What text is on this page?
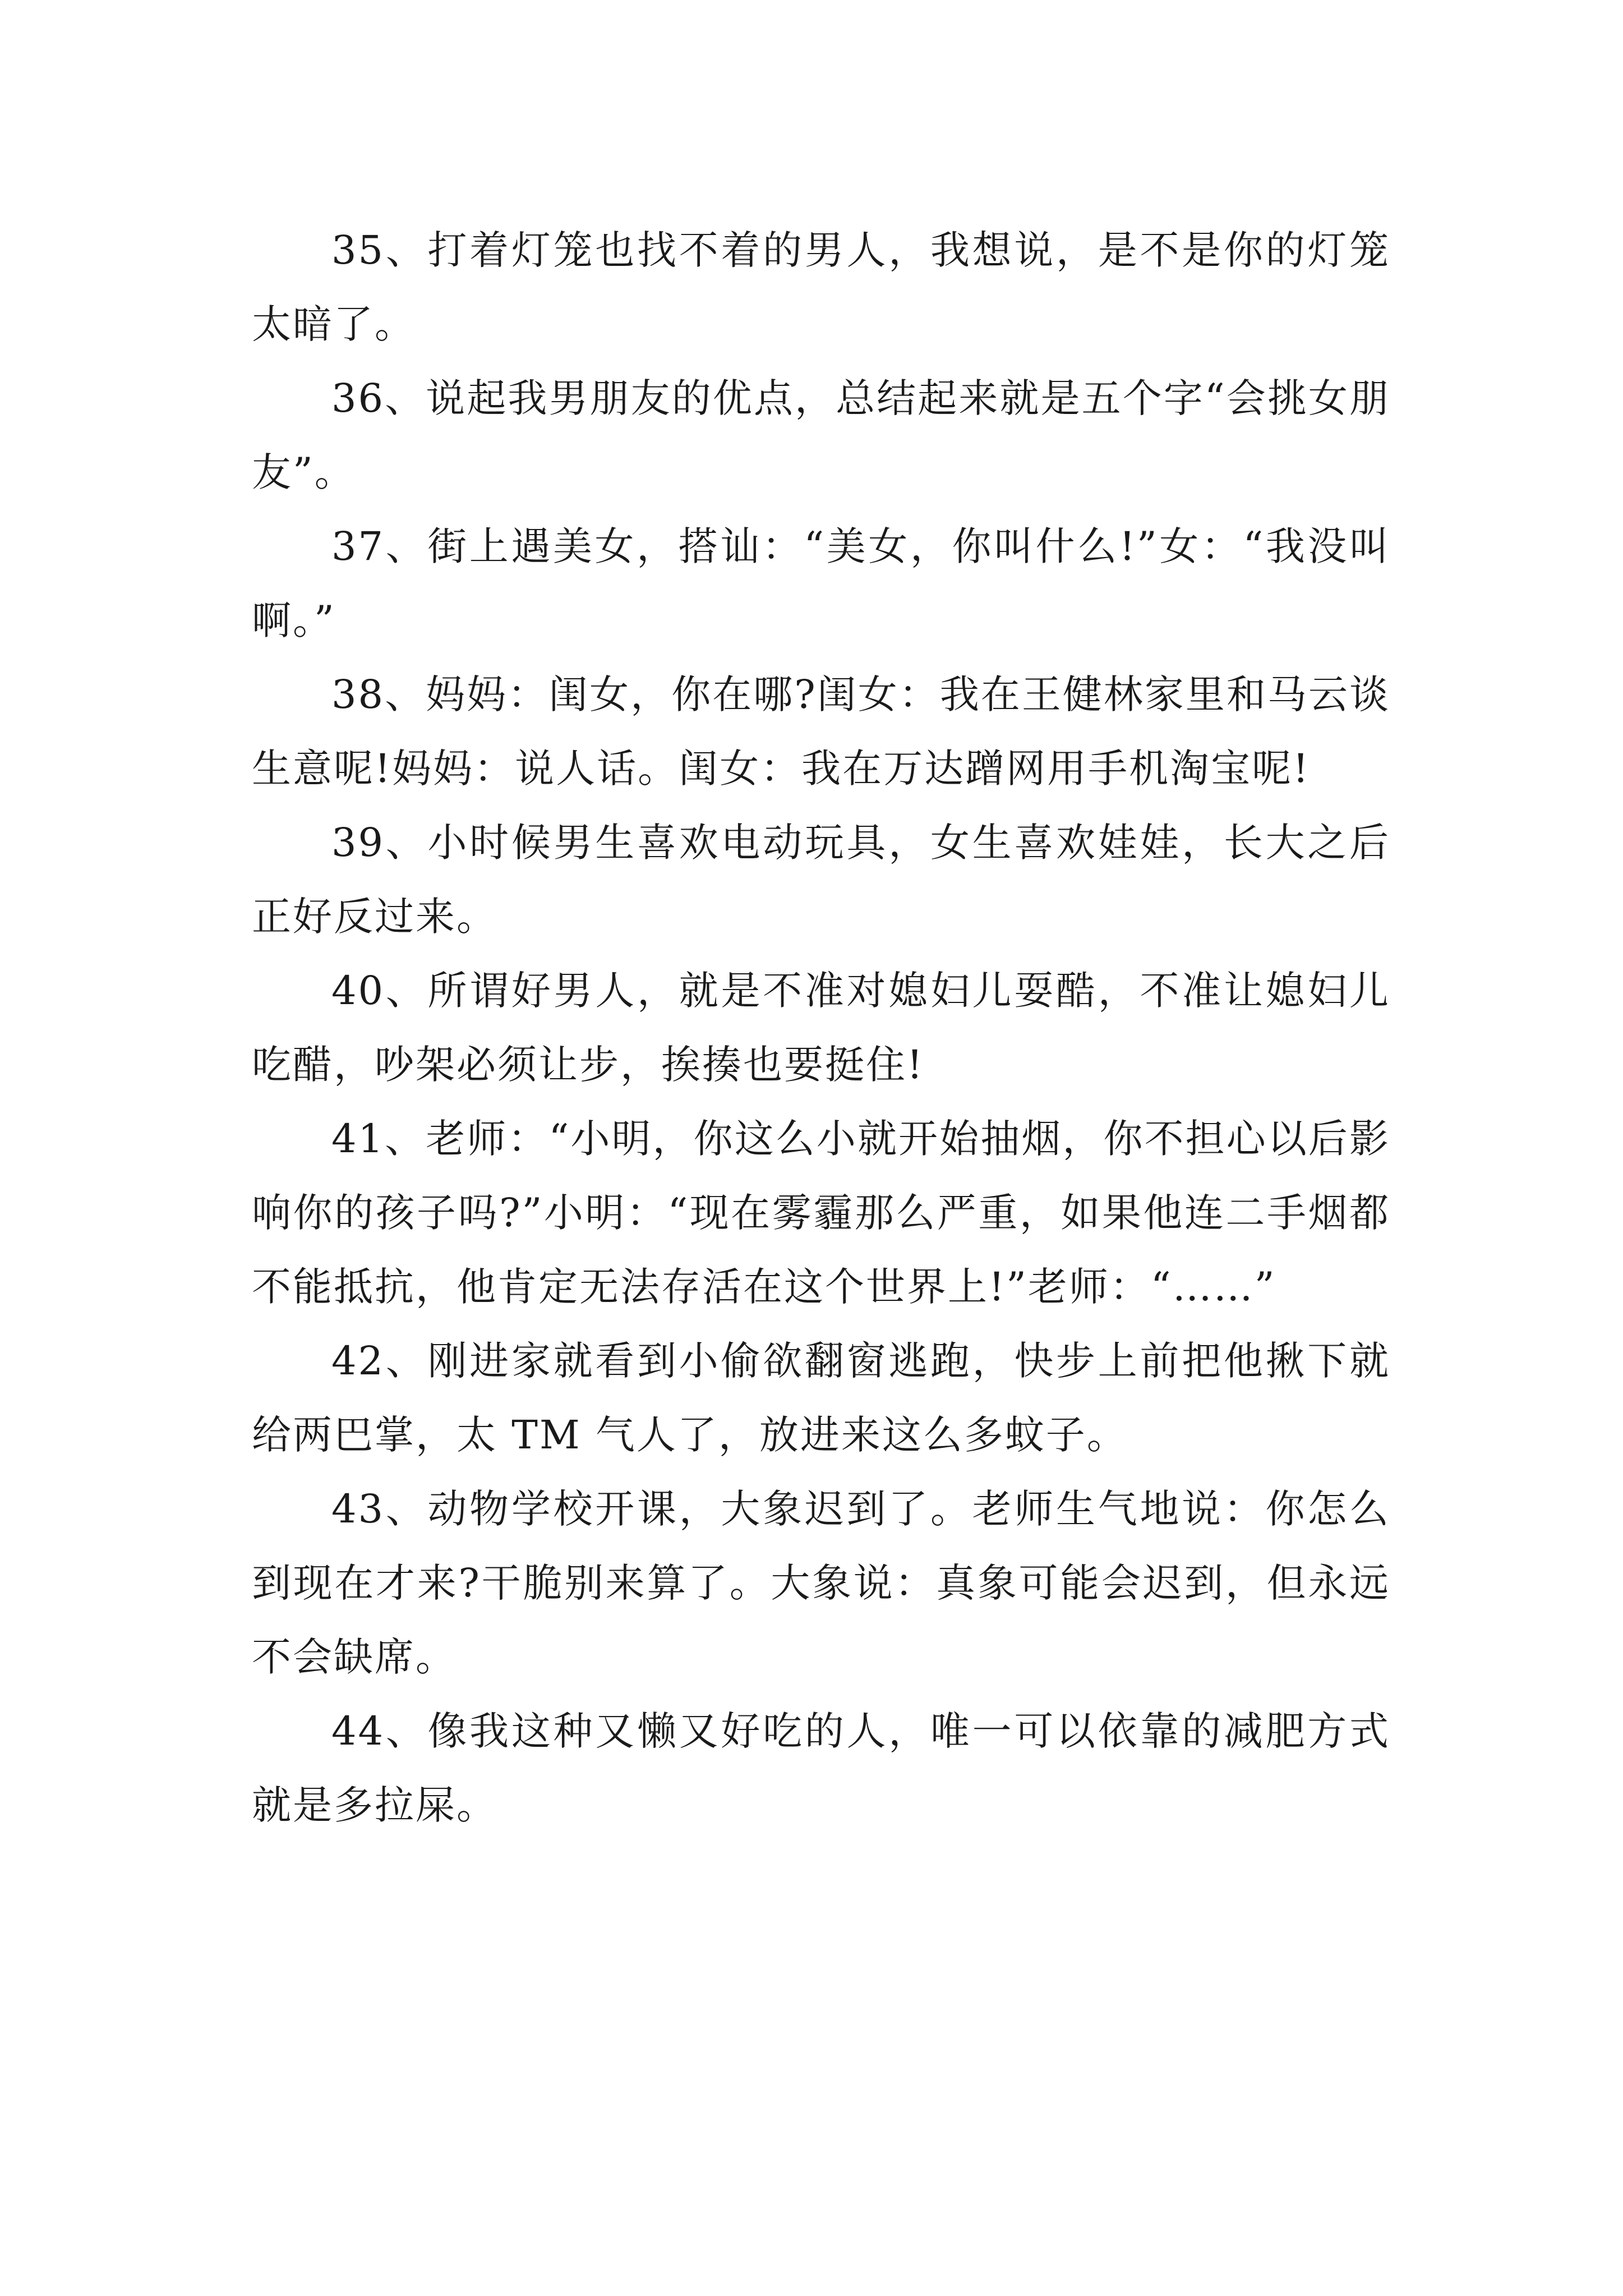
35、打着灯笼也找不着的男人，我想说，是不是你的灯笼太暗了。

36、说起我男朋友的优点，总结起来就是五个字“会挑女朋友”。

37、街上遇美女，搭讪：“美女，你叫什么!”女：“我没叫啊。”

38、妈妈：闺女，你在哪?闺女：我在王健林家里和马云谈生意呢!妈妈：说人话。闺女：我在万达蹭网用手机淘宝呢!

39、小时候男生喜欢电动玩具，女生喜欢娃娃，长大之后正好反过来。

40、所谓好男人，就是不准对媳妇儿耍酷，不准让媳妇儿吃醋，吵架必须让步，挨揍也要挺住!

41、老师：“小明，你这么小就开始抽烟，你不担心以后影响你的孩子吗?”小明：“现在雾霾那么严重，如果他连二手烟都不能抵抗，他肯定无法存活在这个世界上!”老师：“……”

42、刚进家就看到小偷欲翻窗逃跑，快步上前把他揪下就给两巴掌，太 TM 气人了，放进来这么多蚊子。

43、动物学校开课，大象迟到了。老师生气地说：你怎么到现在才来?干脆别来算了。大象说：真象可能会迟到，但永远不会缺席。

44、像我这种又懒又好吃的人，唯一可以依靠的减肥方式就是多拉屎。
